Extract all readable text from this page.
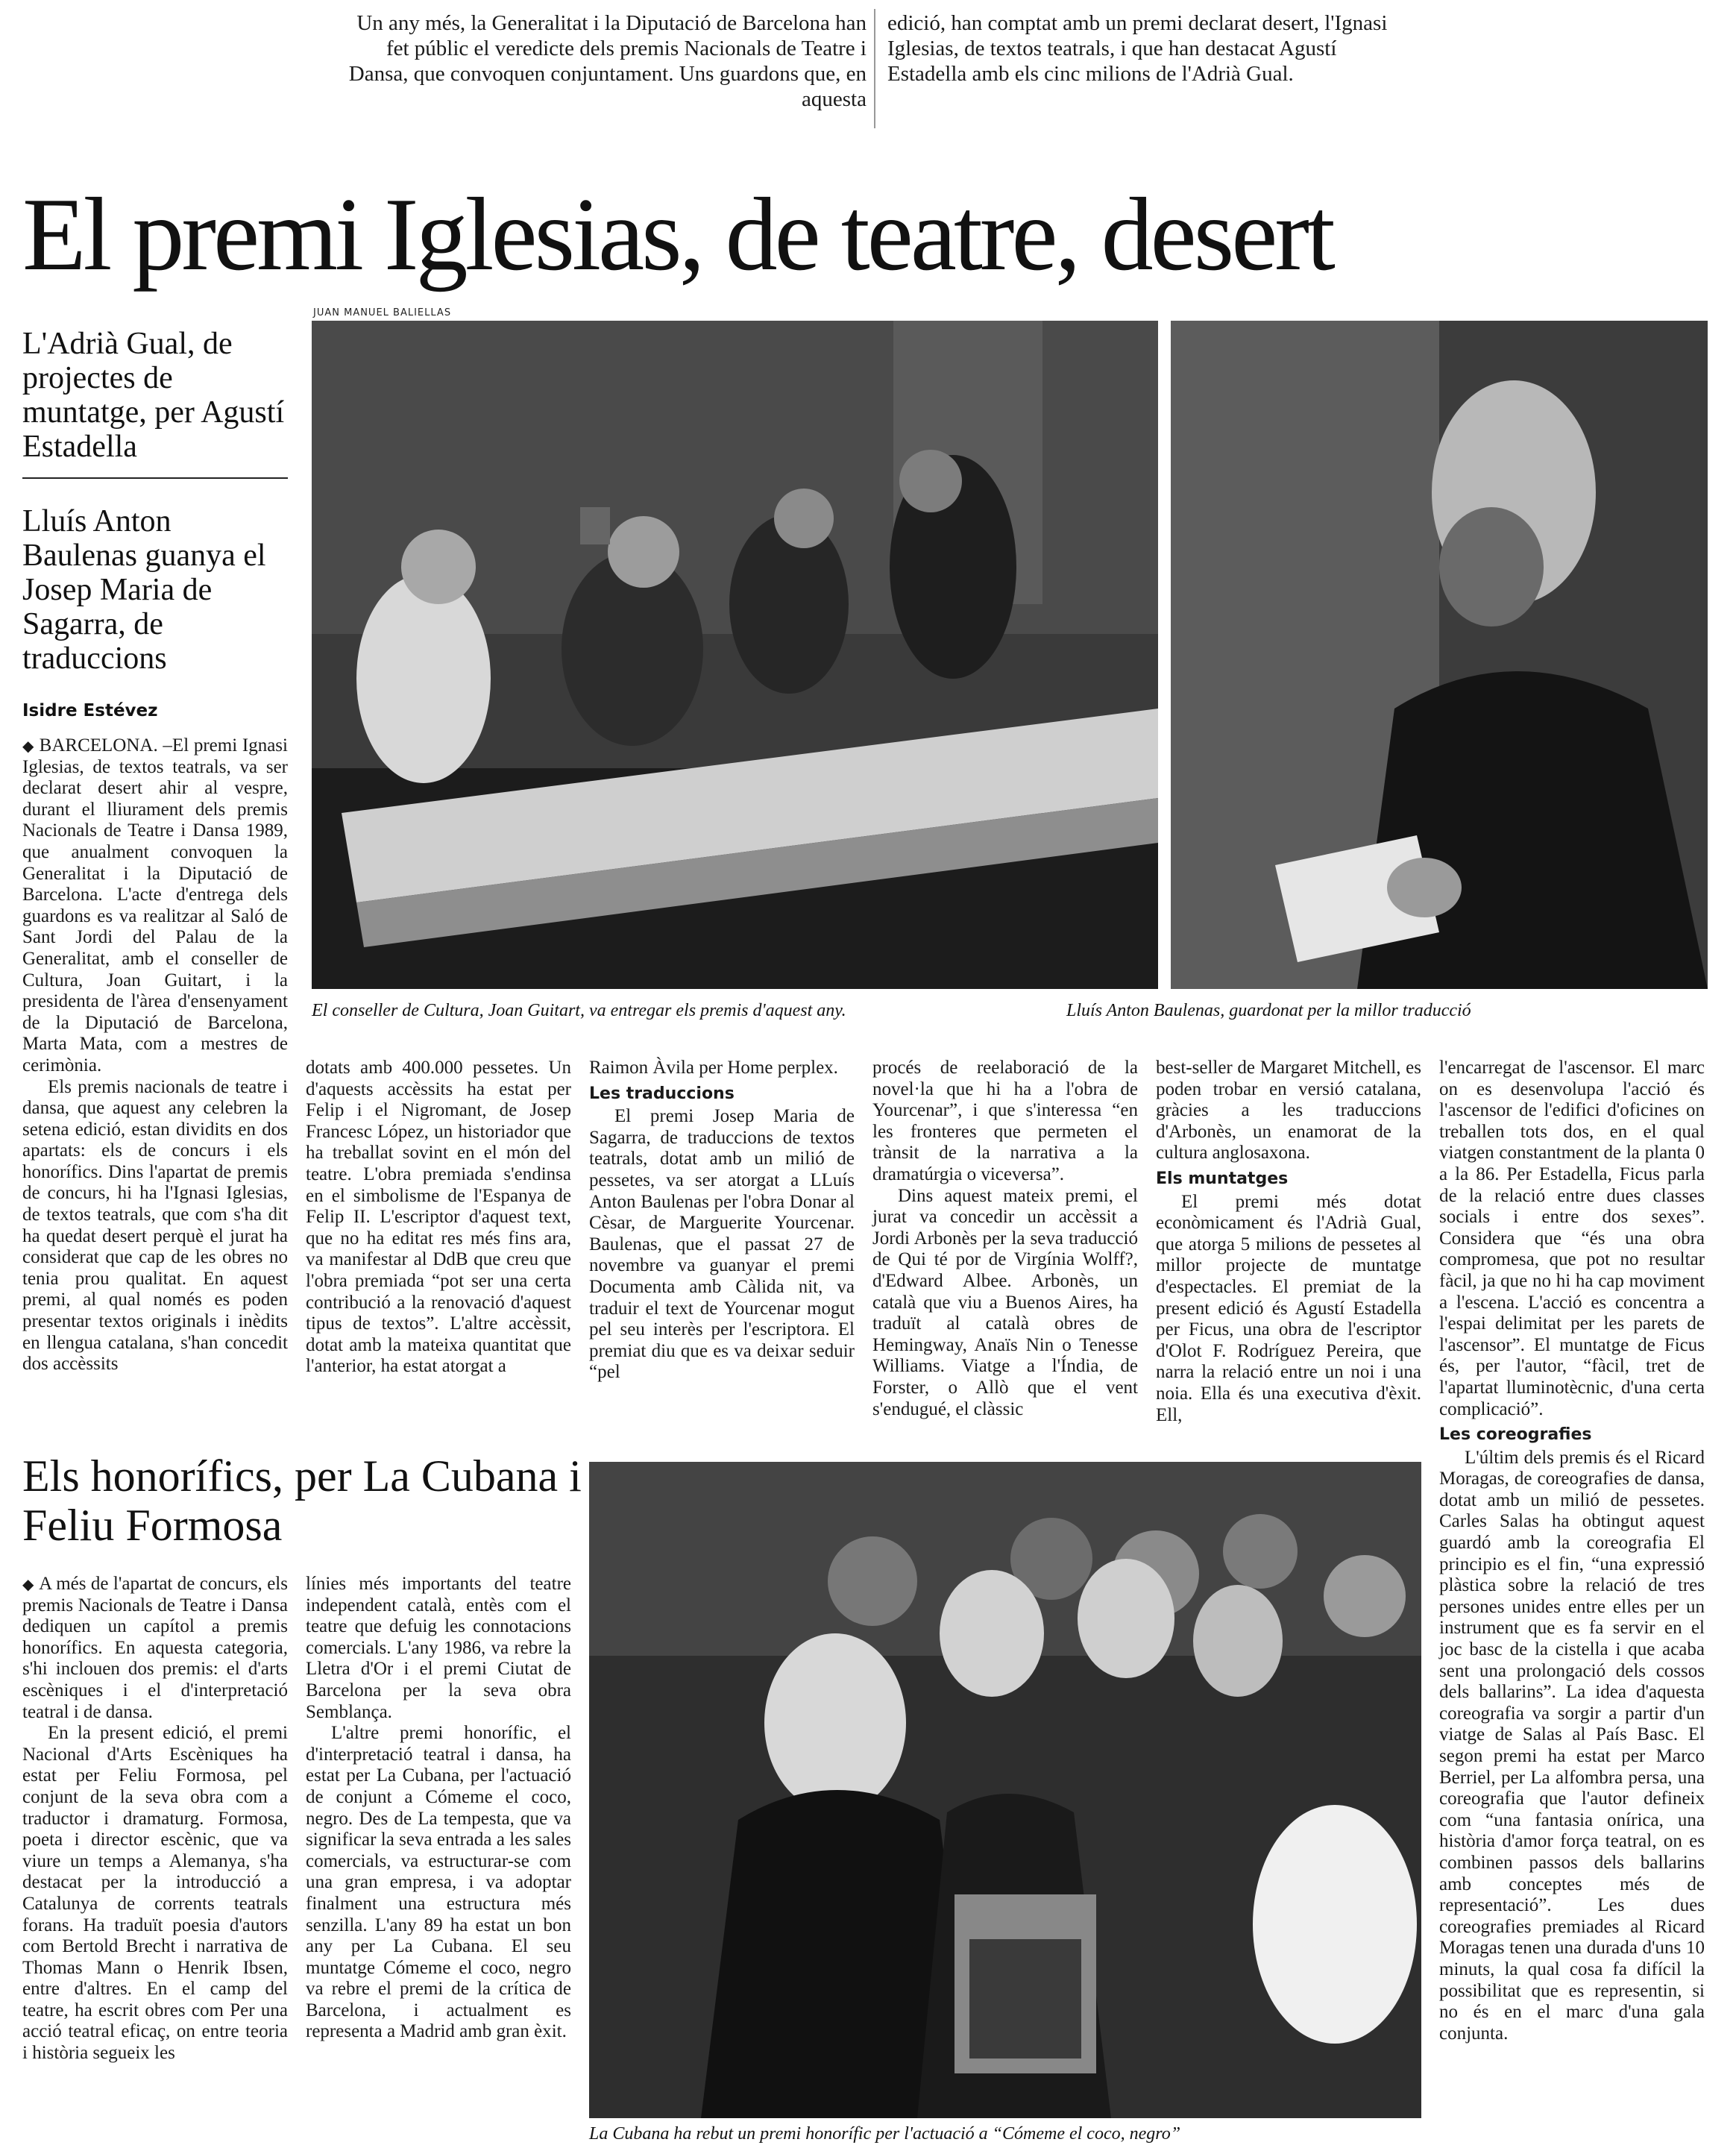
Un any més, la Generalitat i la Diputació de Barcelona han fet públic el veredicte dels premis Nacionals de Teatre i Dansa, que convoquen conjuntament. Uns guardons que, en aquesta
edició, han comptat amb un premi declarat desert, l'Ignasi Iglesias, de textos teatrals, i que han destacat Agustí Estadella amb els cinc milions de l'Adrià Gual.
El premi Iglesias, de teatre, desert
L'Adrià Gual, de projectes de muntatge, per Agustí Estadella
Lluís Anton Baulenas guanya el Josep Maria de Sagarra, de traduccions
Isidre Estévez
JUAN MANUEL BALIELLAS
El conseller de Cultura, Joan Guitart, va entregar els premis d'aquest any.	Lluís Anton Baulenas, guardonat per la millor traducció

◆ BARCELONA. –El premi Ignasi Iglesias, de textos teatrals, va ser declarat desert ahir al vespre, durant el lliurament dels premis Nacionals de Teatre i Dansa 1989, que anualment convoquen la Generalitat i la Diputació de Barcelona. L'acte d'entrega dels guardons es va realitzar al Saló de Sant Jordi del Palau de la Generalitat, amb el conseller de Cultura, Joan Guitart, i la presidenta de l'àrea d'ensenyament de la Diputació de Barcelona, Marta Mata, com a mestres de cerimònia.

Els premis nacionals de teatre i dansa, que aquest any celebren la setena edició, estan dividits en dos apartats: els de concurs i els honorífics. Dins l'apartat de premis de concurs, hi ha l'Ignasi Iglesias, de textos teatrals, que com s'ha dit ha quedat desert perquè el jurat ha considerat que cap de les obres no tenia prou qualitat. En aquest premi, al qual només es poden presentar textos originals i inèdits en llengua catalana, s'han concedit dos accèssits

dotats amb 400.000 pessetes. Un d'aquests accèssits ha estat per Felip i el Nigromant, de Josep Francesc López, un historiador que ha treballat sovint en el món del teatre. L'obra premiada s'endinsa en el simbolisme de l'Espanya de Felip II. L'escriptor d'aquest text, que no ha editat res més fins ara, va manifestar al DdB que creu que l'obra premiada “pot ser una certa contribució a la renovació d'aquest tipus de textos”. L'altre accèssit, dotat amb la mateixa quantitat que l'anterior, ha estat atorgat a

Raimon Àvila per Home perplex.

Les traduccions

El premi Josep Maria de Sagarra, de traduccions de textos teatrals, dotat amb un milió de pessetes, va ser atorgat a LLuís Anton Baulenas per l'obra Donar al Cèsar, de Marguerite Yourcenar. Baulenas, que el passat 27 de novembre va guanyar el premi Documenta amb Càlida nit, va traduir el text de Yourcenar mogut pel seu interès per l'escriptora. El premiat diu que es va deixar seduir “pel

procés de reelaboració de la novel·la que hi ha a l'obra de Yourcenar”, i que s'interessa “en les fronteres que permeten el trànsit de la narrativa a la dramatúrgia o viceversa”.

Dins aquest mateix premi, el jurat va concedir un accèssit a Jordi Arbonès per la seva traducció de Qui té por de Virgínia Wolff?, d'Edward Albee. Arbonès, un català que viu a Buenos Aires, ha traduït al català obres de Hemingway, Anaïs Nin o Tenesse Williams. Viatge a l'Índia, de Forster, o Allò que el vent s'endugué, el clàssic

best-seller de Margaret Mitchell, es poden trobar en versió catalana, gràcies a les traduccions d'Arbonès, un enamorat de la cultura anglosaxona.

Els muntatges

El premi més dotat econòmicament és l'Adrià Gual, que atorga 5 milions de pessetes al millor projecte de muntatge d'espectacles. El premiat de la present edició és Agustí Estadella per Ficus, una obra de l'escriptor d'Olot F. Rodríguez Pereira, que narra la relació entre un noi i una noia. Ella és una executiva d'èxit. Ell,

l'encarregat de l'ascensor. El marc on es desenvolupa l'acció és l'ascensor de l'edifici d'oficines on treballen tots dos, en el qual viatgen constantment de la planta 0 a la 86. Per Estadella, Ficus parla de la relació entre dues classes socials i entre dos sexes”. Considera que “és una obra compromesa, que pot no resultar fàcil, ja que no hi ha cap moviment a l'escena. L'acció es concentra a l'espai delimitat per les parets de l'ascensor”. El muntatge de Ficus és, per l'autor, “fàcil, tret de l'apartat lluminotècnic, d'una certa complicació”.

Les coreografies

L'últim dels premis és el Ricard Moragas, de coreografies de dansa, dotat amb un milió de pessetes. Carles Salas ha obtingut aquest guardó amb la coreografia El principio es el fin, “una expressió plàstica sobre la relació de tres persones unides entre elles per un instrument que es fa servir en el joc basc de la cistella i que acaba sent una prolongació dels cossos dels ballarins”. La idea d'aquesta coreografia va sorgir a partir d'un viatge de Salas al País Basc. El segon premi ha estat per Marco Berriel, per La alfombra persa, una coreografia que l'autor defineix com “una fantasia onírica, una història d'amor força teatral, on es combinen passos dels ballarins amb conceptes més de representació”. Les dues coreografies premiades al Ricard Moragas tenen una durada d'uns 10 minuts, la qual cosa fa difícil la possibilitat que es representin, si no és en el marc d'una gala conjunta.

Els honorífics, per La Cubana i Feliu Formosa

◆ A més de l'apartat de concurs, els premis Nacionals de Teatre i Dansa dediquen un capítol a premis honorífics. En aquesta categoria, s'hi inclouen dos premis: el d'arts escèniques i el d'interpretació teatral i de dansa.

En la present edició, el premi Nacional d'Arts Escèniques ha estat per Feliu Formosa, pel conjunt de la seva obra com a traductor i dramaturg. Formosa, poeta i director escènic, que va viure un temps a Alemanya, s'ha destacat per la introducció a Catalunya de corrents teatrals forans. Ha traduït poesia d'autors com Bertold Brecht i narrativa de Thomas Mann o Henrik Ibsen, entre d'altres. En el camp del teatre, ha escrit obres com Per una acció teatral eficaç, on entre teoria i història segueix les

línies més importants del teatre independent català, entès com el teatre que defuig les connotacions comercials. L'any 1986, va rebre la Lletra d'Or i el premi Ciutat de Barcelona per la seva obra Semblança.

L'altre premi honorífic, el d'interpretació teatral i dansa, ha estat per La Cubana, per l'actuació de conjunt a Cómeme el coco, negro. Des de La tempesta, que va significar la seva entrada a les sales comercials, va estructurar-se com una gran empresa, i va adoptar finalment una estructura més senzilla. L'any 89 ha estat un bon any per La Cubana. El seu muntatge Cómeme el coco, negro va rebre el premi de la crítica de Barcelona, i actualment es representa a Madrid amb gran èxit.

La Cubana ha rebut un premi honorífic per l'actuació a “Cómeme el coco, negro”
